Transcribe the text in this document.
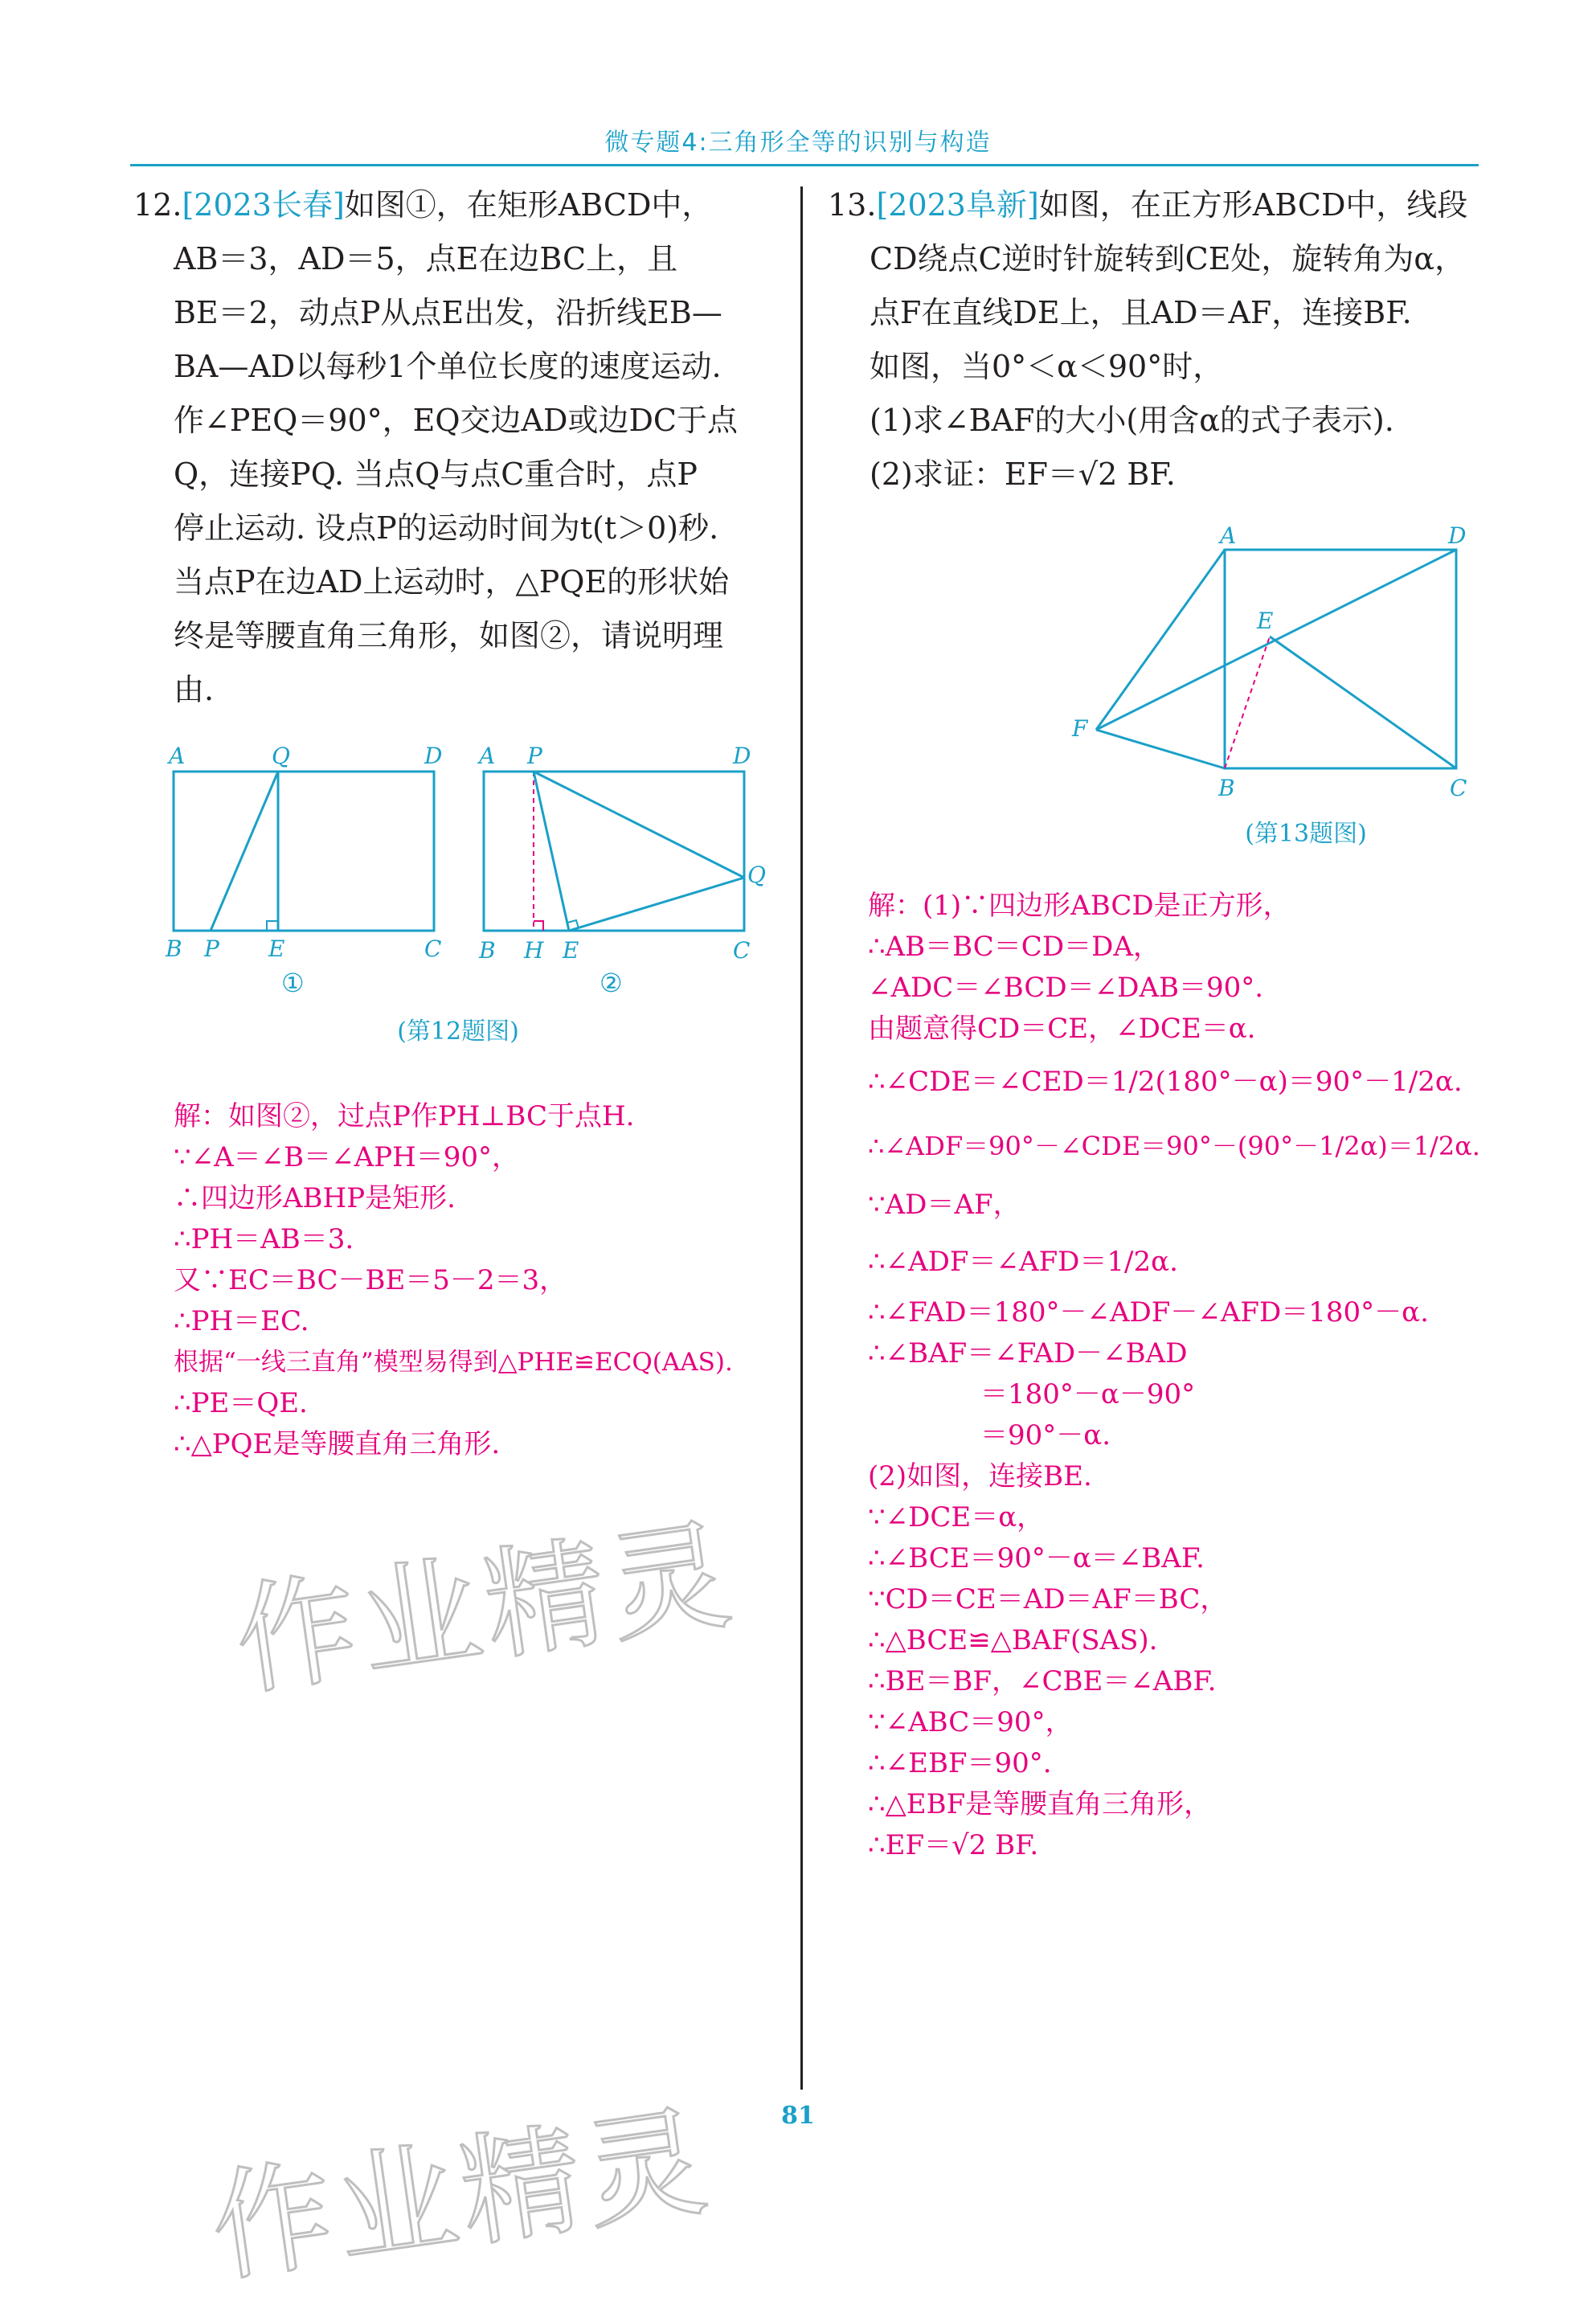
微专题4:三角形全等的识别与构造
12.[2023长春]如图①，在矩形ABCD中，
AB＝3，AD＝5，点E在边BC上，且
BE＝2，动点P从点E出发，沿折线EB—
BA—AD以每秒1个单位长度的速度运动.
作∠PEQ＝90°，EQ交边AD或边DC于点
Q，连接PQ. 当点Q与点C重合时，点P
停止运动. 设点P的运动时间为t(t＞0)秒.
当点P在边AD上运动时，△PQE的形状始
终是等腰直角三角形，如图②，请说明理
由.
A	Q	D
B P E	C
①
A P	D
Q
B H E	C
②
(第12题图)
解：如图②，过点P作PH⊥BC于点H.
∵∠A＝∠B＝∠APH＝90°，
∴四边形ABHP是矩形.
∴PH＝AB＝3.
又∵EC＝BC－BE＝5－2＝3，
∴PH＝EC.
根据“一线三直角”模型易得到△PHE≌ECQ(AAS).
∴PE＝QE.
∴△PQE是等腰直角三角形.
13.[2023阜新]如图，在正方形ABCD中，线段
CD绕点C逆时针旋转到CE处，旋转角为α，
点F在直线DE上，且AD＝AF，连接BF.
如图，当0°＜α＜90°时，
(1)求∠BAF的大小(用含α的式子表示).
(2)求证：EF＝√2 BF.
A	D
E
F
B	C
(第13题图)
解：(1)∵四边形ABCD是正方形，
∴AB＝BC＝CD＝DA，
∠ADC＝∠BCD＝∠DAB＝90°.
由题意得CD＝CE，∠DCE＝α.
∴∠CDE＝∠CED＝1/2(180°－α)＝90°－1/2α.
∴∠ADF＝90°－∠CDE＝90°－(90°－1/2α)＝1/2α.
∵AD＝AF，
∴∠ADF＝∠AFD＝1/2α.
∴∠FAD＝180°－∠ADF－∠AFD＝180°－α.
∴∠BAF＝∠FAD－∠BAD
＝180°－α－90°
＝90°－α.
(2)如图，连接BE.
∵∠DCE＝α，
∴∠BCE＝90°－α＝∠BAF.
∵CD＝CE＝AD＝AF＝BC，
∴△BCE≌△BAF(SAS).
∴BE＝BF，∠CBE＝∠ABF.
∵∠ABC＝90°，
∴∠EBF＝90°.
∴△EBF是等腰直角三角形，
∴EF＝√2 BF.
作业精灵
作业精灵	81
